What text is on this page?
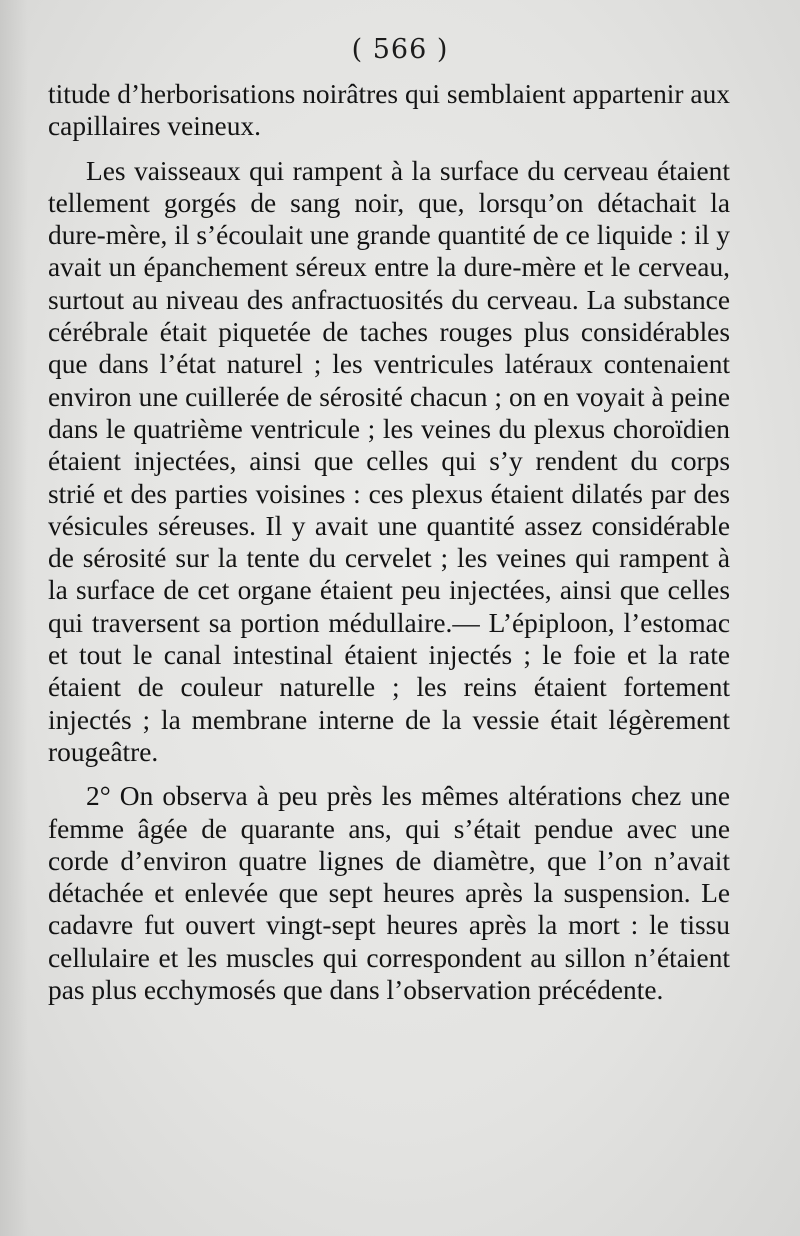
( 566 )

titude d’herborisations noirâtres qui semblaient appartenir aux capillaires veineux.

Les vaisseaux qui rampent à la surface du cerveau étaient tellement gorgés de sang noir, que, lorsqu’on détachait la dure-mère, il s’écoulait une grande quantité de ce liquide : il y avait un épanchement séreux entre la dure-mère et le cerveau, surtout au niveau des anfractuosités du cerveau. La substance cérébrale était piquetée de taches rouges plus considérables que dans l’état naturel ; les ventricules latéraux contenaient environ une cuillerée de sérosité chacun ; on en voyait à peine dans le quatrième ventricule ; les veines du plexus choroïdien étaient injectées, ainsi que celles qui s’y rendent du corps strié et des parties voisines : ces plexus étaient dilatés par des vésicules séreuses. Il y avait une quantité assez considérable de sérosité sur la tente du cervelet ; les veines qui rampent à la surface de cet organe étaient peu injectées, ainsi que celles qui traversent sa portion médullaire.— L’épiploon, l’estomac et tout le canal intestinal étaient injectés ; le foie et la rate étaient de couleur naturelle ; les reins étaient fortement injectés ; la membrane interne de la vessie était légèrement rougeâtre.

2° On observa à peu près les mêmes altérations chez une femme âgée de quarante ans, qui s’était pendue avec une corde d’environ quatre lignes de diamètre, que l’on n’avait détachée et enlevée que sept heures après la suspension. Le cadavre fut ouvert vingt-sept heures après la mort : le tissu cellulaire et les muscles qui correspondent au sillon n’étaient pas plus ecchymosés que dans l’observation précédente.
